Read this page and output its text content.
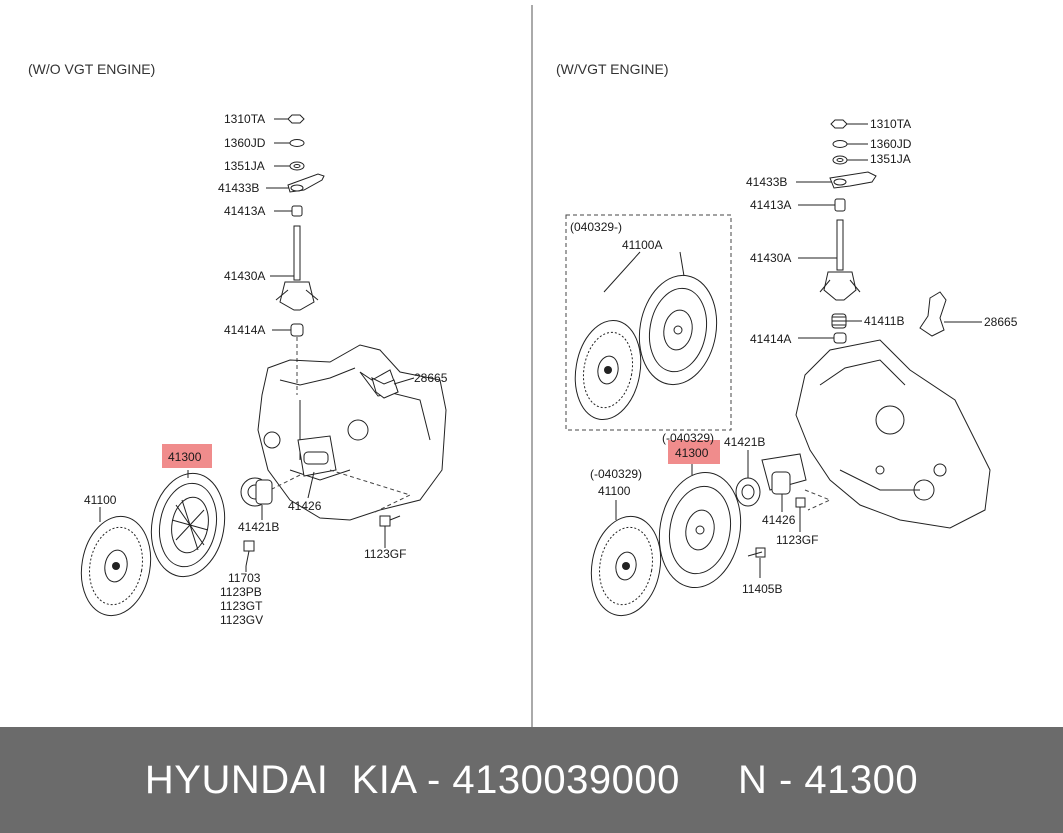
(W/O VGT ENGINE)
1310TA
1360JD
1351JA
41433B
41413A
41430A
41414A
28665
41300
41100	41426
41421B
1123GF
11703
1123PB
1123GT
1123GV
(W/VGT ENGINE)
1310TA
1360JD
1351JA
41433B
41413A
(040329-)
41100A
41430A
41411B	28665
41414A
(-040329) 41421B
41300
(-040329)
41100
41426
1123GF
11405B
HYUNDAI  KIA - 4130039000     N - 41300
